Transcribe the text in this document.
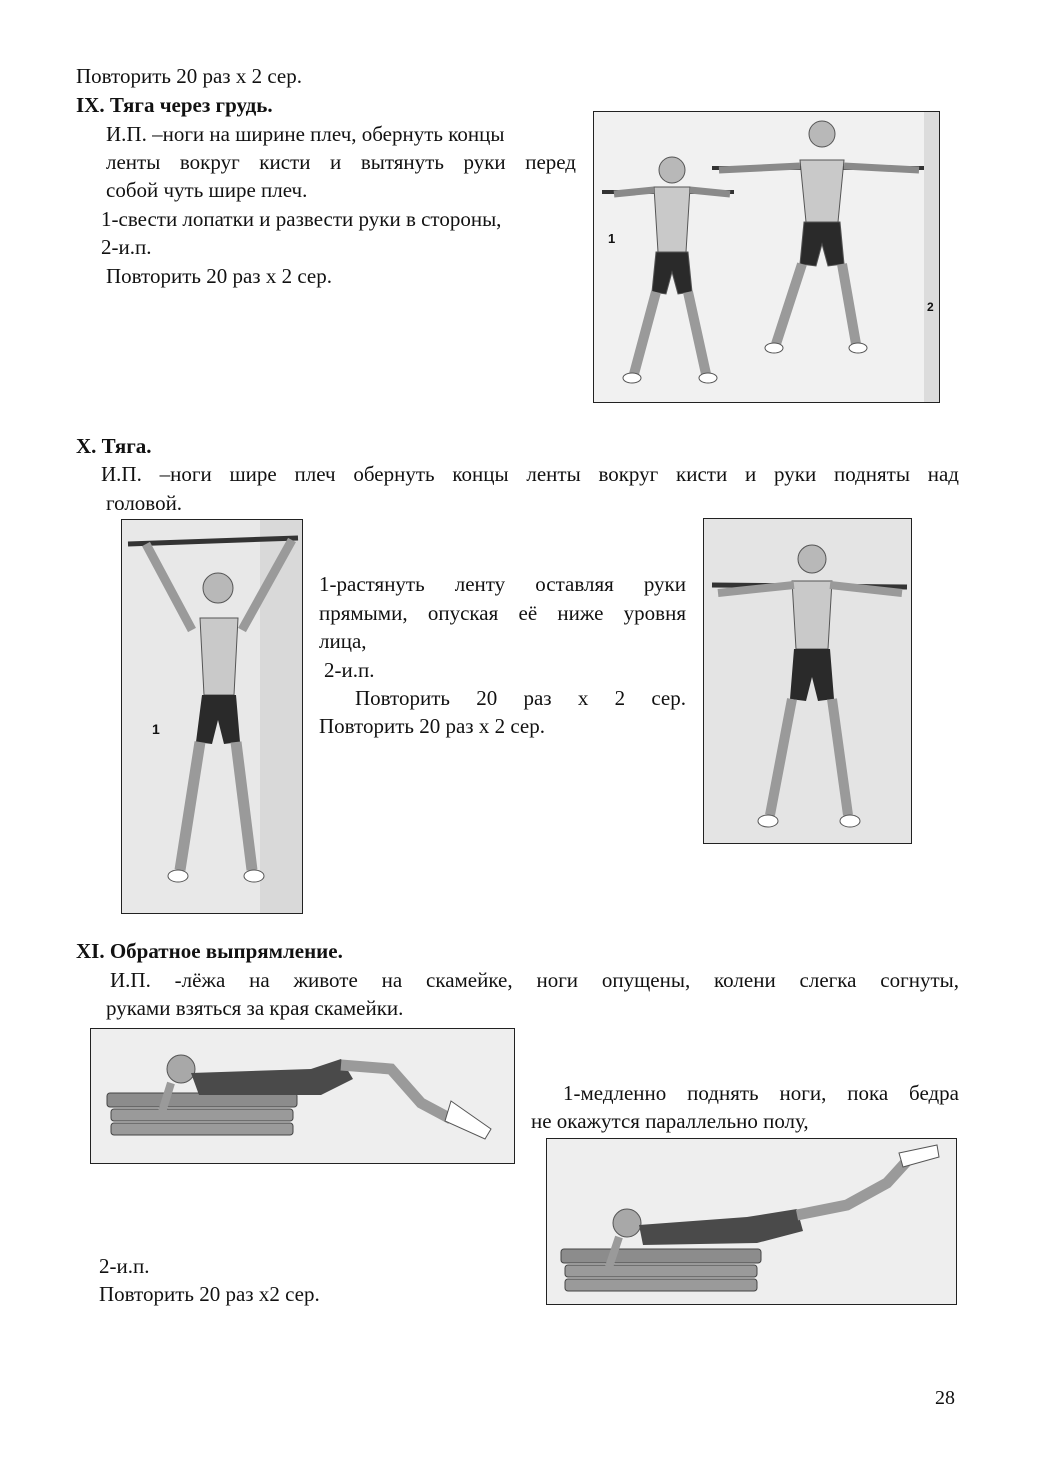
Повторить 20 раз х 2 сер.

IX. Тяга через грудь.

И.П. –ноги на ширине плеч, обернуть концы

ленты вокруг кисти и вытянуть руки перед

собой чуть шире плеч.

1-свести лопатки и развести руки в стороны,

2-и.п.

Повторить 20 раз х 2 сер.

1
2

X. Тяга.

И.П. –ноги шире плеч обернуть концы ленты вокруг кисти и руки подняты над

головой.

1

1-растянуть ленту оставляя руки

прямыми, опуская её ниже уровня

лица,

2-и.п.

Повторить 20 раз х 2 сер.

Повторить 20 раз х 2 сер.

XI. Обратное выпрямление.

И.П. -лёжа на животе на скамейке, ноги опущены, колени слегка согнуты,

руками взяться за края скамейки.

1-медленно поднять ноги, пока бедра

не окажутся параллельно полу,

2-и.п.

Повторить 20 раз х2 сер.

28
